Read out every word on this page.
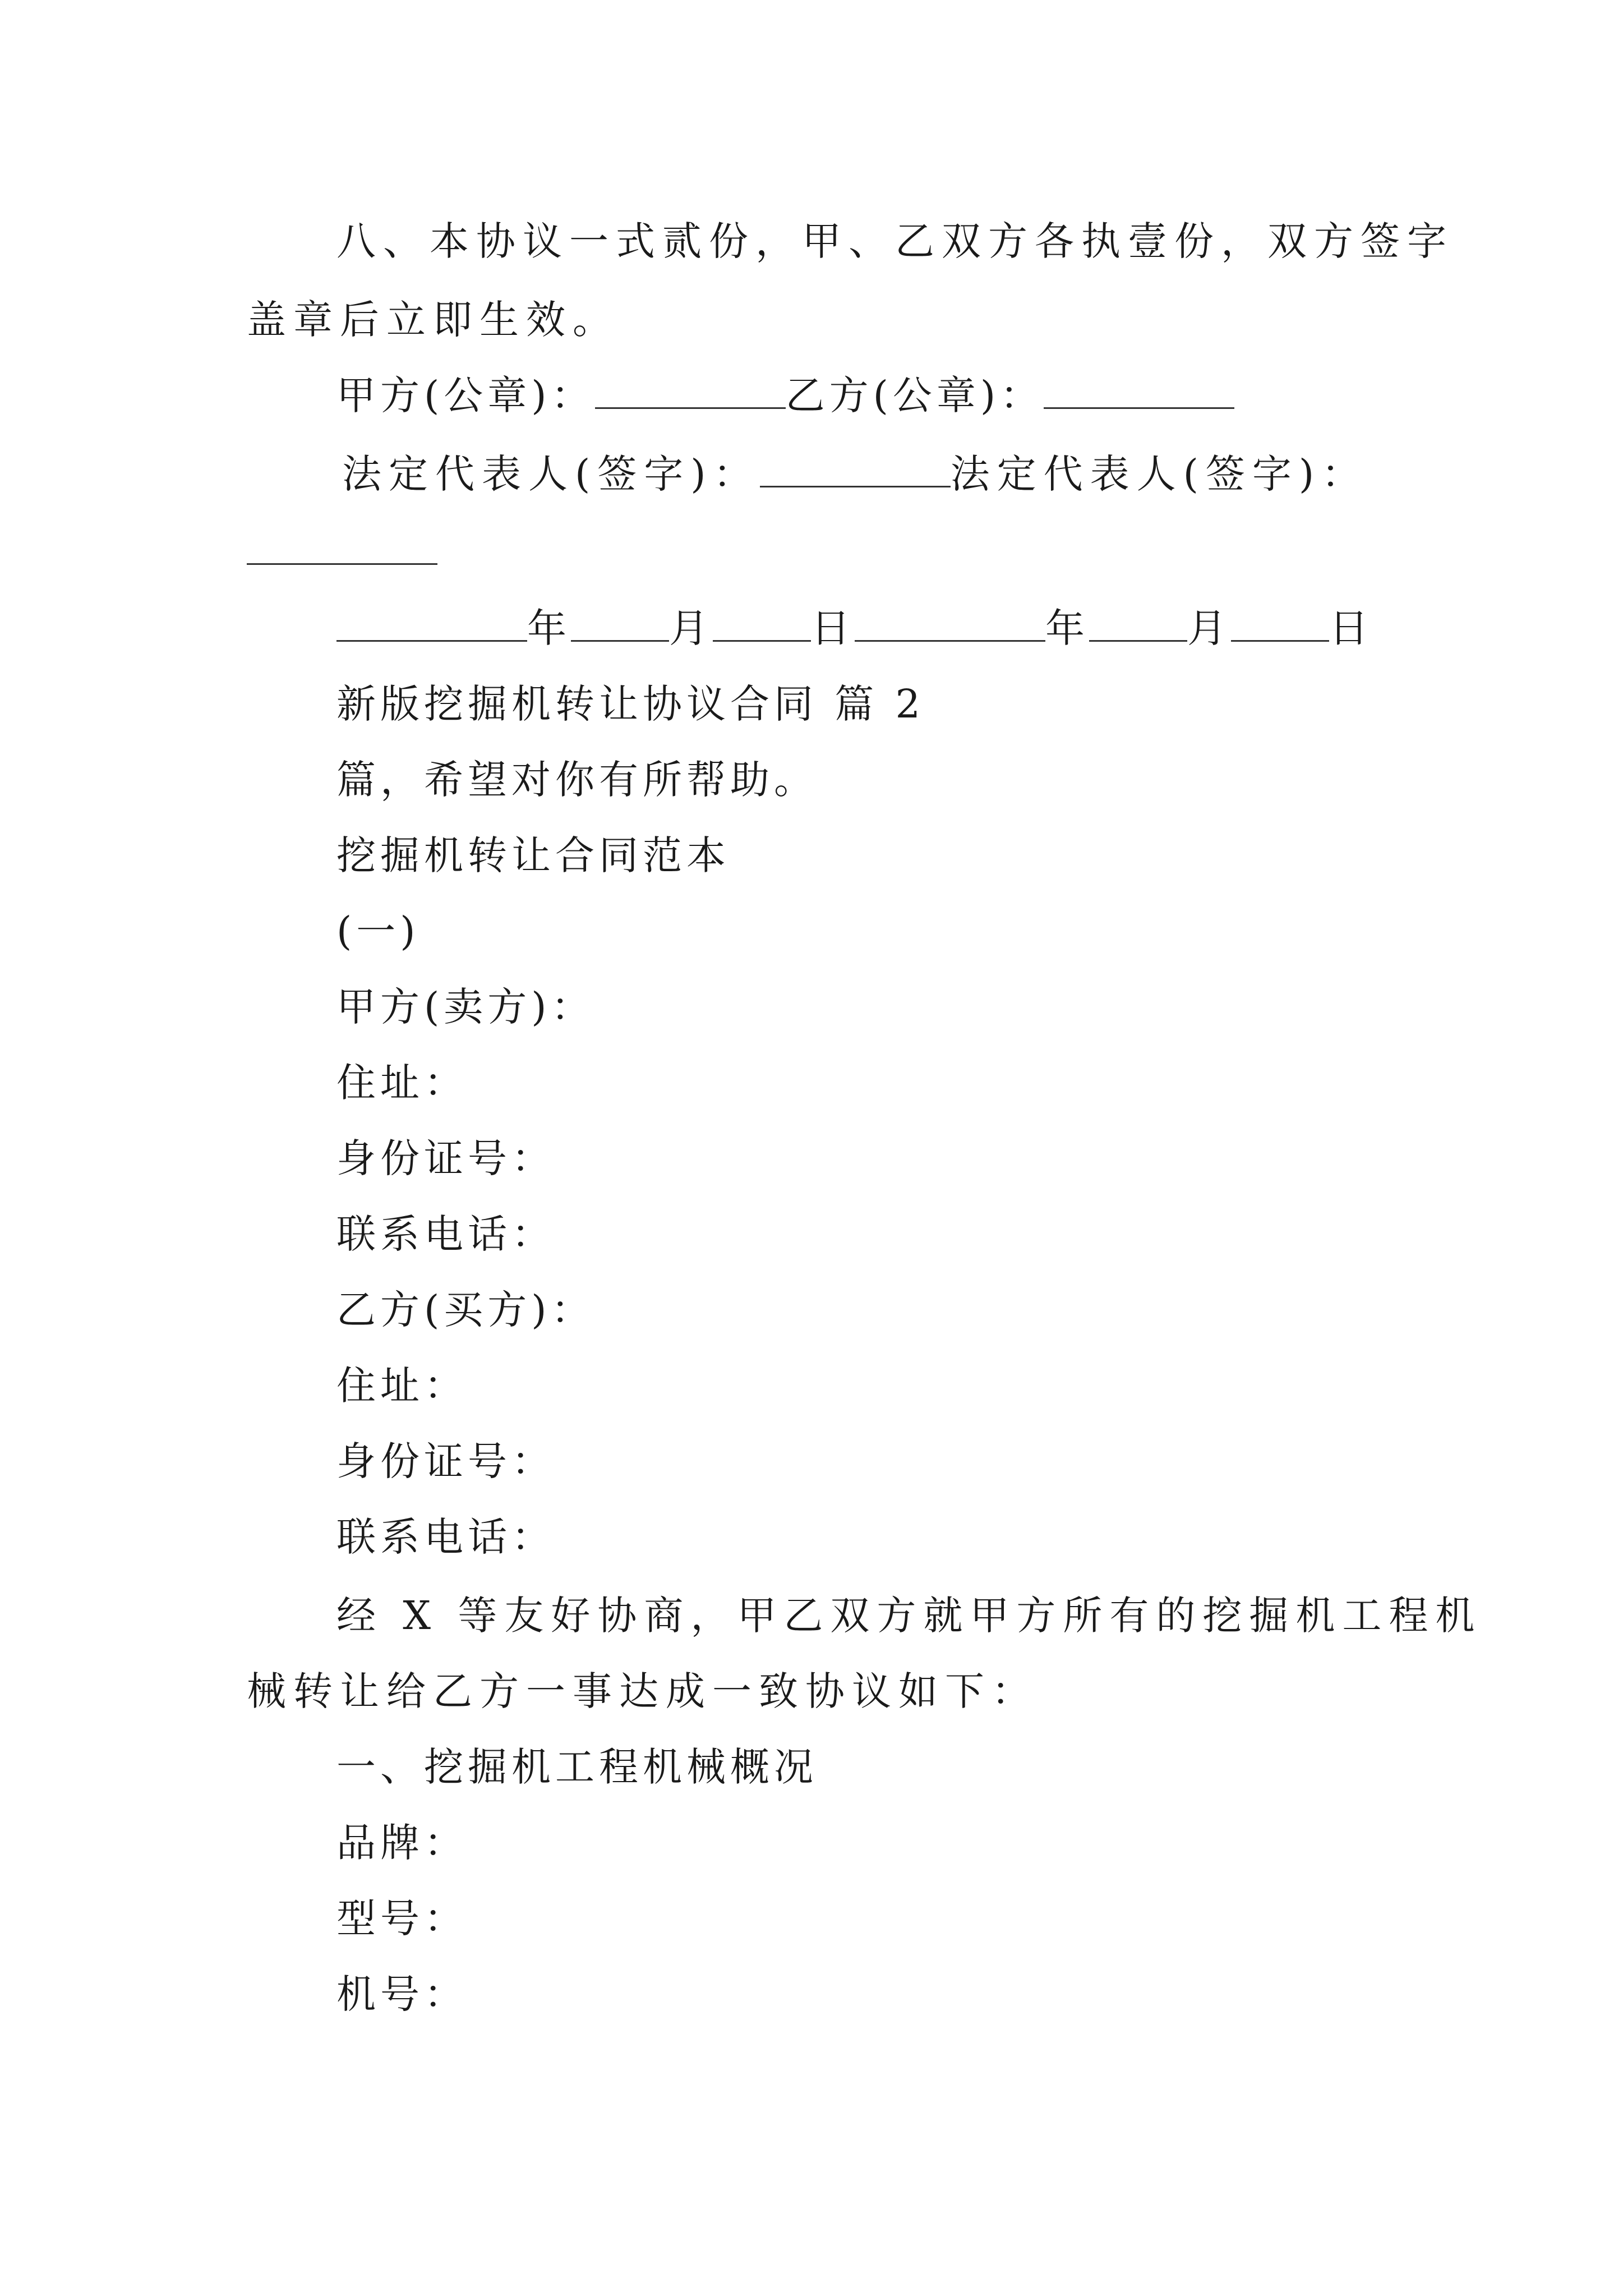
八、本协议一式贰份，甲、乙双方各执壹份，双方签字
盖章后立即生效。
甲方(公章)：	乙方(公章)：
法定代表人(签字)：	法定代表人(签字)：
年	月	日	年	月	日
新版挖掘机转让协议合同 篇 2
篇，希望对你有所帮助。
挖掘机转让合同范本
(一)
甲方(卖方)：
住址：
身份证号：
联系电话：
乙方(买方)：
住址：
身份证号：
联系电话：
经 X 等友好协商，甲乙双方就甲方所有的挖掘机工程机
械转让给乙方一事达成一致协议如下：
一、挖掘机工程机械概况
品牌：
型号：
机号：
